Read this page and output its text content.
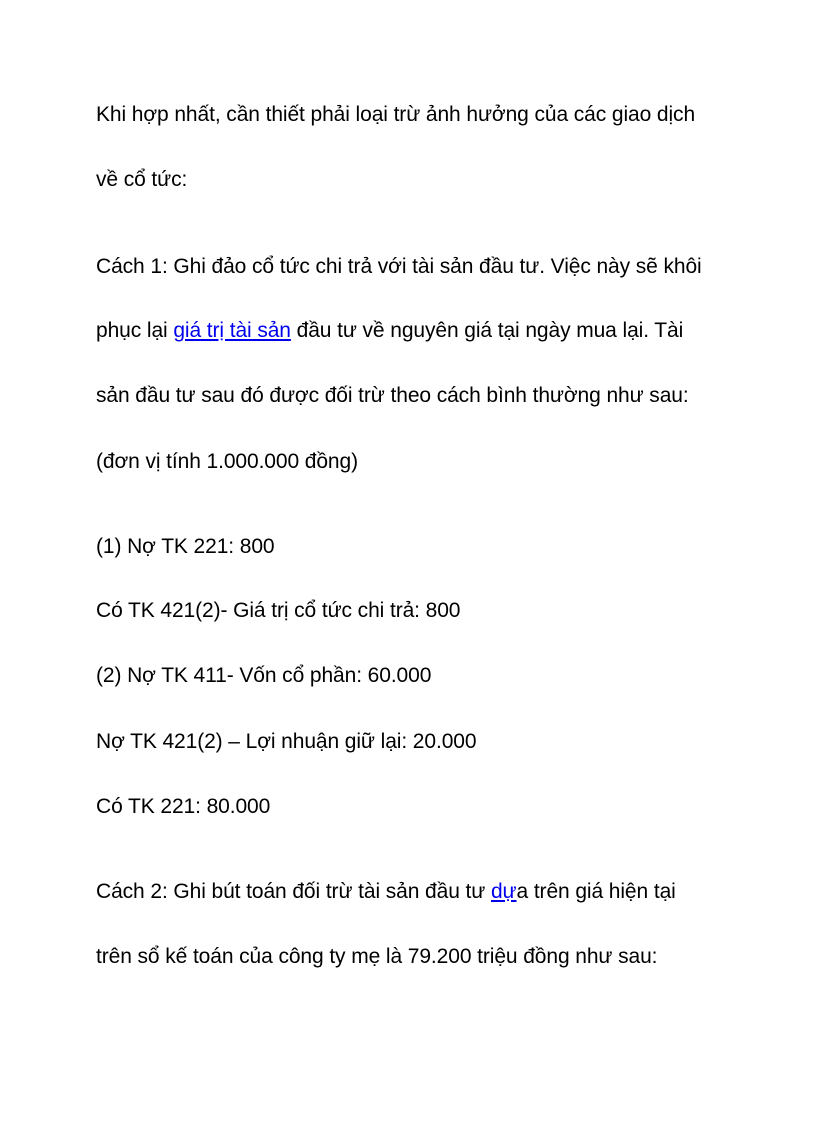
Khi hợp nhất, cần thiết phải loại trừ ảnh hưởng của các giao dịch
về cổ tức:
Cách 1: Ghi đảo cổ tức chi trả với tài sản đầu tư. Việc này sẽ khôi
phục lại giá trị tài sản đầu tư về nguyên giá tại ngày mua lại. Tài
sản đầu tư sau đó được đối trừ theo cách bình thường như sau:
(đơn vị tính 1.000.000 đồng)
(1) Nợ TK 221: 800
Có TK 421(2)- Giá trị cổ tức chi trả: 800
(2) Nợ TK 411- Vốn cổ phần: 60.000
Nợ TK 421(2) – Lợi nhuận giữ lại: 20.000
Có TK 221: 80.000
Cách 2: Ghi bút toán đối trừ tài sản đầu tư dựa trên giá hiện tại
trên sổ kế toán của công ty mẹ là 79.200 triệu đồng như sau:
